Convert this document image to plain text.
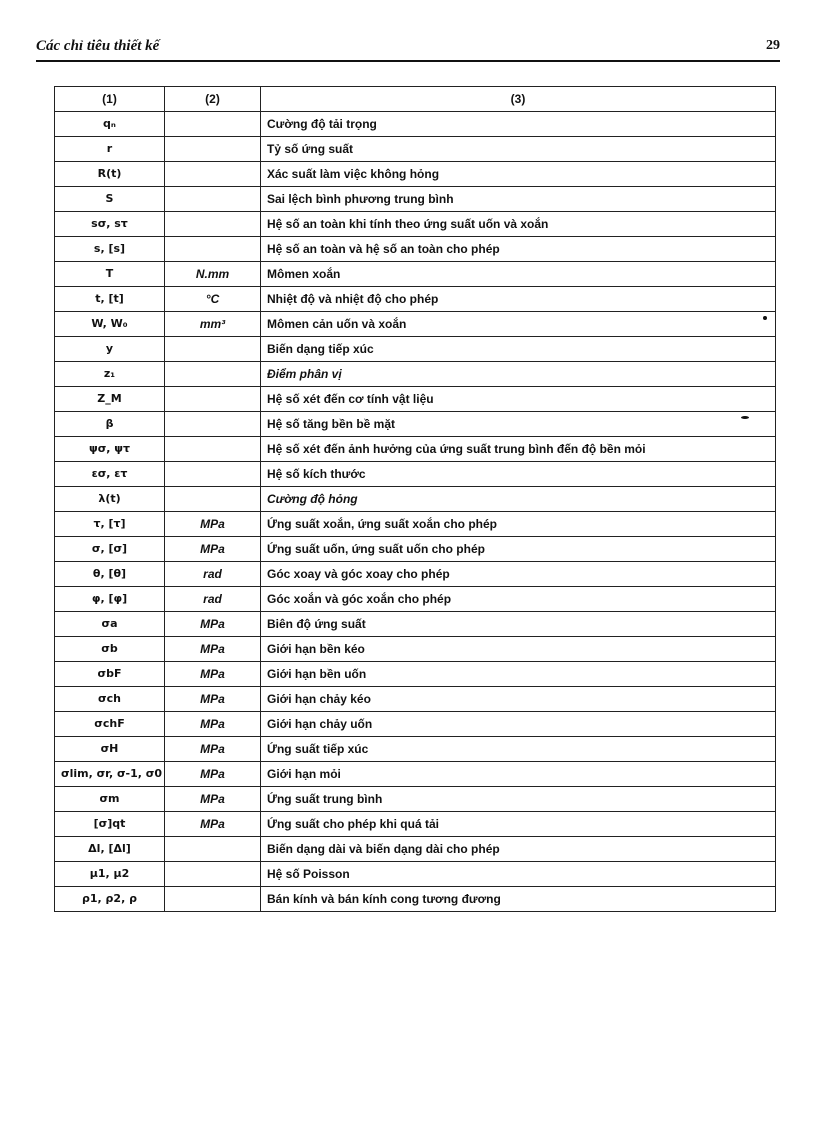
Các chỉ tiêu thiết kế	29
(1)	(2)	(3)
qₙ		Cường độ tải trọng
r		Tỷ số ứng suất
R(t)		Xác suất làm việc không hỏng
S		Sai lệch bình phương trung bình
sσ, sτ		Hệ số an toàn khi tính theo ứng suất uốn và xoắn
s, [s]		Hệ số an toàn và hệ số an toàn cho phép
T	N.mm	Mômen xoắn
t, [t]	°C	Nhiệt độ và nhiệt độ cho phép
W, W₀	mm³	Mômen cản uốn và xoắn
y		Biến dạng tiếp xúc
z₁		Điểm phân vị
Z_M		Hệ số xét đến cơ tính vật liệu
β		Hệ số tăng bền bề mặt
ψσ, ψτ		Hệ số xét đến ảnh hưởng của ứng suất trung bình đến độ bền mỏi
εσ, ετ		Hệ số kích thước
λ(t)		Cường độ hỏng
τ, [τ]	MPa	Ứng suất xoắn, ứng suất xoắn cho phép
σ, [σ]	MPa	Ứng suất uốn, ứng suất uốn cho phép
θ, [θ]	rad	Góc xoay và góc xoay cho phép
φ, [φ]	rad	Góc xoắn và góc xoắn cho phép
σa	MPa	Biên độ ứng suất
σb	MPa	Giới hạn bền kéo
σbF	MPa	Giới hạn bền uốn
σch	MPa	Giới hạn chảy kéo
σchF	MPa	Giới hạn chảy uốn
σH	MPa	Ứng suất tiếp xúc
σlim, σr, σ-1, σ0	MPa	Giới hạn mỏi
σm	MPa	Ứng suất trung bình
[σ]qt	MPa	Ứng suất cho phép khi quá tải
Δl, [Δl]		Biến dạng dài và biến dạng dài cho phép
μ1, μ2		Hệ số Poisson
ρ1, ρ2, ρ		Bán kính và bán kính cong tương đương
